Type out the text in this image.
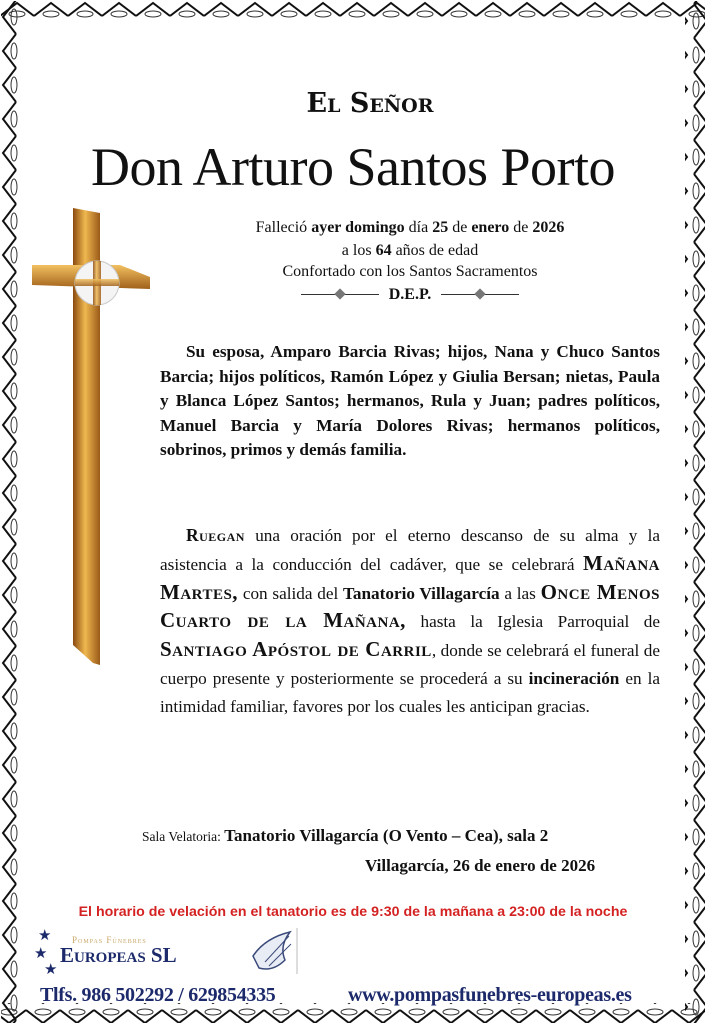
El Señor
Don Arturo Santos Porto
Falleció ayer domingo día 25 de enero de 2026
a los 64 años de edad
Confortado con los Santos Sacramentos
D.E.P.
Su esposa, Amparo Barcia Rivas; hijos, Nana y Chuco Santos Barcia; hijos políticos, Ramón López y Giulia Bersan; nietas, Paula y Blanca López Santos; hermanos, Rula y Juan; padres políticos, Manuel Barcia y María Dolores Rivas; hermanos políticos, sobrinos, primos y demás familia.
Ruegan una oración por el eterno descanso de su alma y la asistencia a la conducción del cadáver, que se celebrará Mañana Martes, con salida del Tanatorio Villagarcía a las Once Menos Cuarto de la Mañana, hasta la Iglesia Parroquial de Santiago Apóstol de Carril, donde se celebrará el funeral de cuerpo presente y posteriormente se procederá a su incineración en la intimidad familiar, favores por los cuales les anticipan gracias.
Sala Velatoria: Tanatorio Villagarcía (O Vento – Cea), sala 2
Villagarcía, 26 de enero de 2026
El horario de velación en el tanatorio es de 9:30 de la mañana a 23:00 de la noche
★
★
★
Pompas Fúnebres
Europeas SL
Tlfs. 986 502292 / 629854335	www.pompasfunebres-europeas.es
